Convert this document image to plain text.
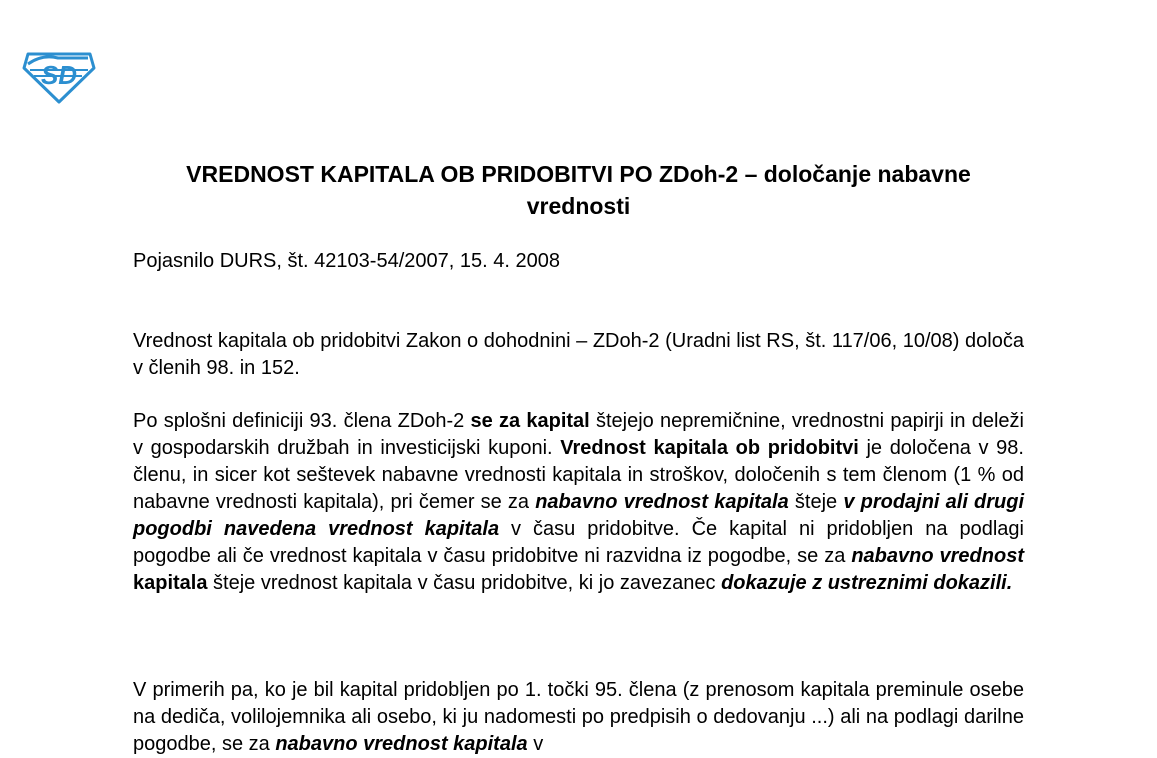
SD
VREDNOST KAPITALA OB PRIDOBITVI PO ZDoh-2 – določanje nabavne vrednosti

Pojasnilo DURS, št. 42103-54/2007, 15. 4. 2008

Vrednost kapitala ob pridobitvi Zakon o dohodnini – ZDoh-2 (Uradni list RS, št. 117/06, 10/08) določa v členih 98. in 152.

Po splošni definiciji 93. člena ZDoh-2 se za kapital štejejo nepremičnine, vrednostni papirji in deleži v gospodarskih družbah in investicijski kuponi. Vrednost kapitala ob pridobitvi je določena v 98. členu, in sicer kot seštevek nabavne vrednosti kapitala in stroškov, določenih s tem členom (1 % od nabavne vrednosti kapitala), pri čemer se za nabavno vrednost kapitala šteje v prodajni ali drugi pogodbi navedena vrednost kapitala v času pridobitve. Če kapital ni pridobljen na podlagi pogodbe ali če vrednost kapitala v času pridobitve ni razvidna iz pogodbe, se za nabavno vrednost kapitala šteje vrednost kapitala v času pridobitve, ki jo zavezanec dokazuje z ustreznimi dokazili.

V primerih pa, ko je bil kapital pridobljen po 1. točki 95. člena (z prenosom kapitala preminule osebe na dediča, volilojemnika ali osebo, ki ju nadomesti po predpisih o dedovanju ...) ali na podlagi darilne pogodbe, se za nabavno vrednost kapitala v
